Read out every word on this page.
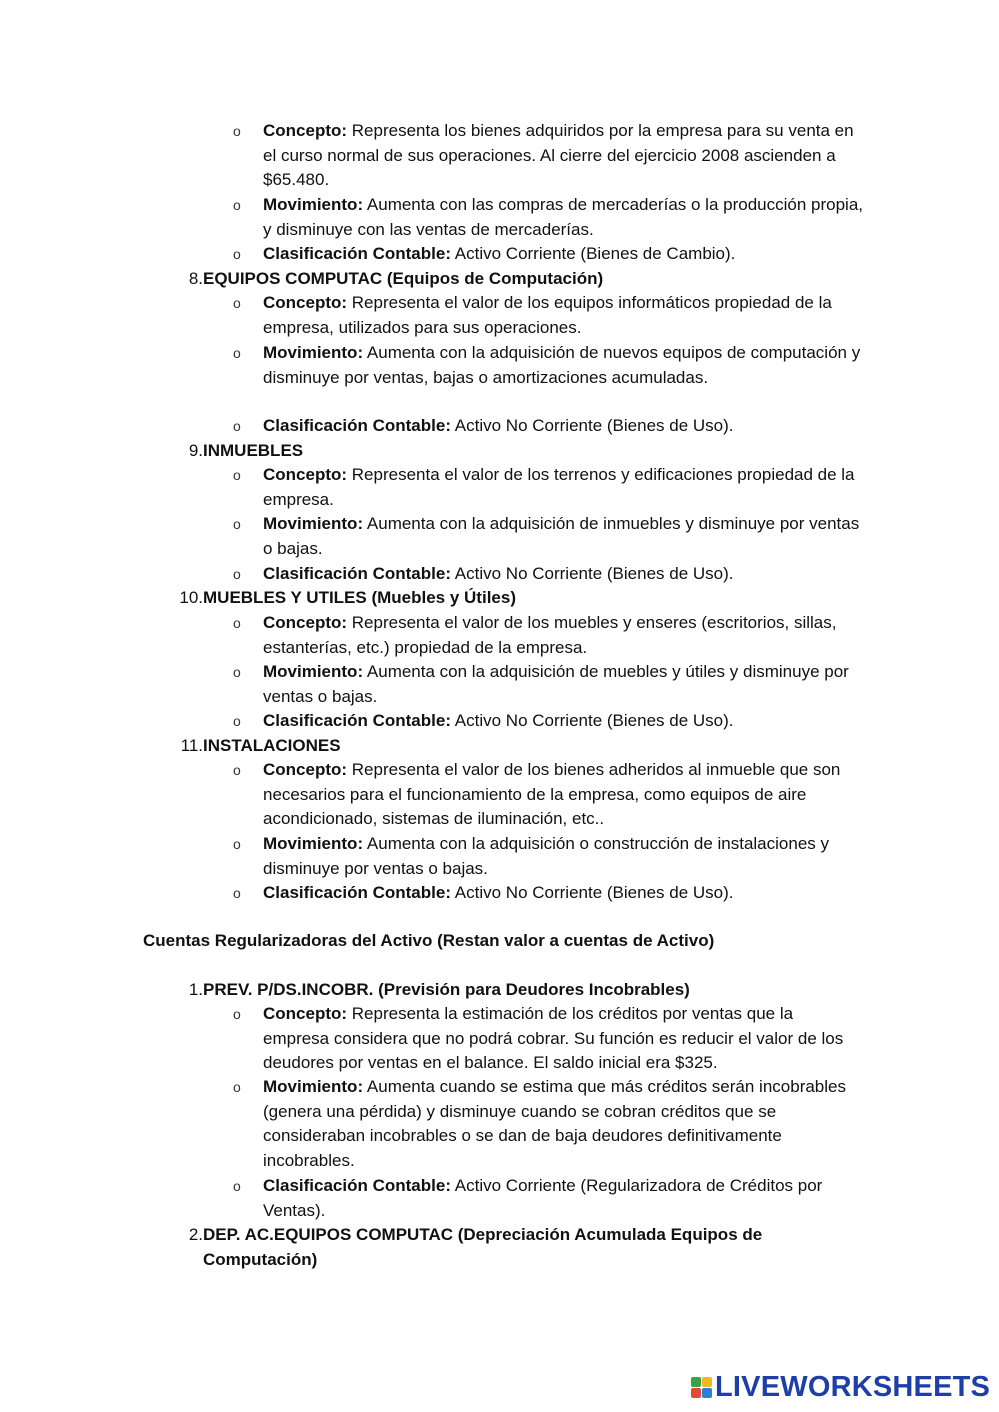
o Concepto: Representa los bienes adquiridos por la empresa para su venta en el curso normal de sus operaciones. Al cierre del ejercicio 2008 ascienden a $65.480.
o Movimiento: Aumenta con las compras de mercaderías o la producción propia, y disminuye con las ventas de mercaderías.
o Clasificación Contable: Activo Corriente (Bienes de Cambio).
8. EQUIPOS COMPUTAC (Equipos de Computación)
o Concepto: Representa el valor de los equipos informáticos propiedad de la empresa, utilizados para sus operaciones.
o Movimiento: Aumenta con la adquisición de nuevos equipos de computación y disminuye por ventas, bajas o amortizaciones acumuladas.
o Clasificación Contable: Activo No Corriente (Bienes de Uso).
9. INMUEBLES
o Concepto: Representa el valor de los terrenos y edificaciones propiedad de la empresa.
o Movimiento: Aumenta con la adquisición de inmuebles y disminuye por ventas o bajas.
o Clasificación Contable: Activo No Corriente (Bienes de Uso).
10. MUEBLES Y UTILES (Muebles y Útiles)
o Concepto: Representa el valor de los muebles y enseres (escritorios, sillas, estanterías, etc.) propiedad de la empresa.
o Movimiento: Aumenta con la adquisición de muebles y útiles y disminuye por ventas o bajas.
o Clasificación Contable: Activo No Corriente (Bienes de Uso).
11. INSTALACIONES
o Concepto: Representa el valor de los bienes adheridos al inmueble que son necesarios para el funcionamiento de la empresa, como equipos de aire acondicionado, sistemas de iluminación, etc..
o Movimiento: Aumenta con la adquisición o construcción de instalaciones y disminuye por ventas o bajas.
o Clasificación Contable: Activo No Corriente (Bienes de Uso).
Cuentas Regularizadoras del Activo (Restan valor a cuentas de Activo)
1. PREV. P/DS.INCOBR. (Previsión para Deudores Incobrables)
o Concepto: Representa la estimación de los créditos por ventas que la empresa considera que no podrá cobrar. Su función es reducir el valor de los deudores por ventas en el balance. El saldo inicial era $325.
o Movimiento: Aumenta cuando se estima que más créditos serán incobrables (genera una pérdida) y disminuye cuando se cobran créditos que se consideraban incobrables o se dan de baja deudores definitivamente incobrables.
o Clasificación Contable: Activo Corriente (Regularizadora de Créditos por Ventas).
2. DEP. AC.EQUIPOS COMPUTAC (Depreciación Acumulada Equipos de Computación)
LIVEWORKSHEETS
